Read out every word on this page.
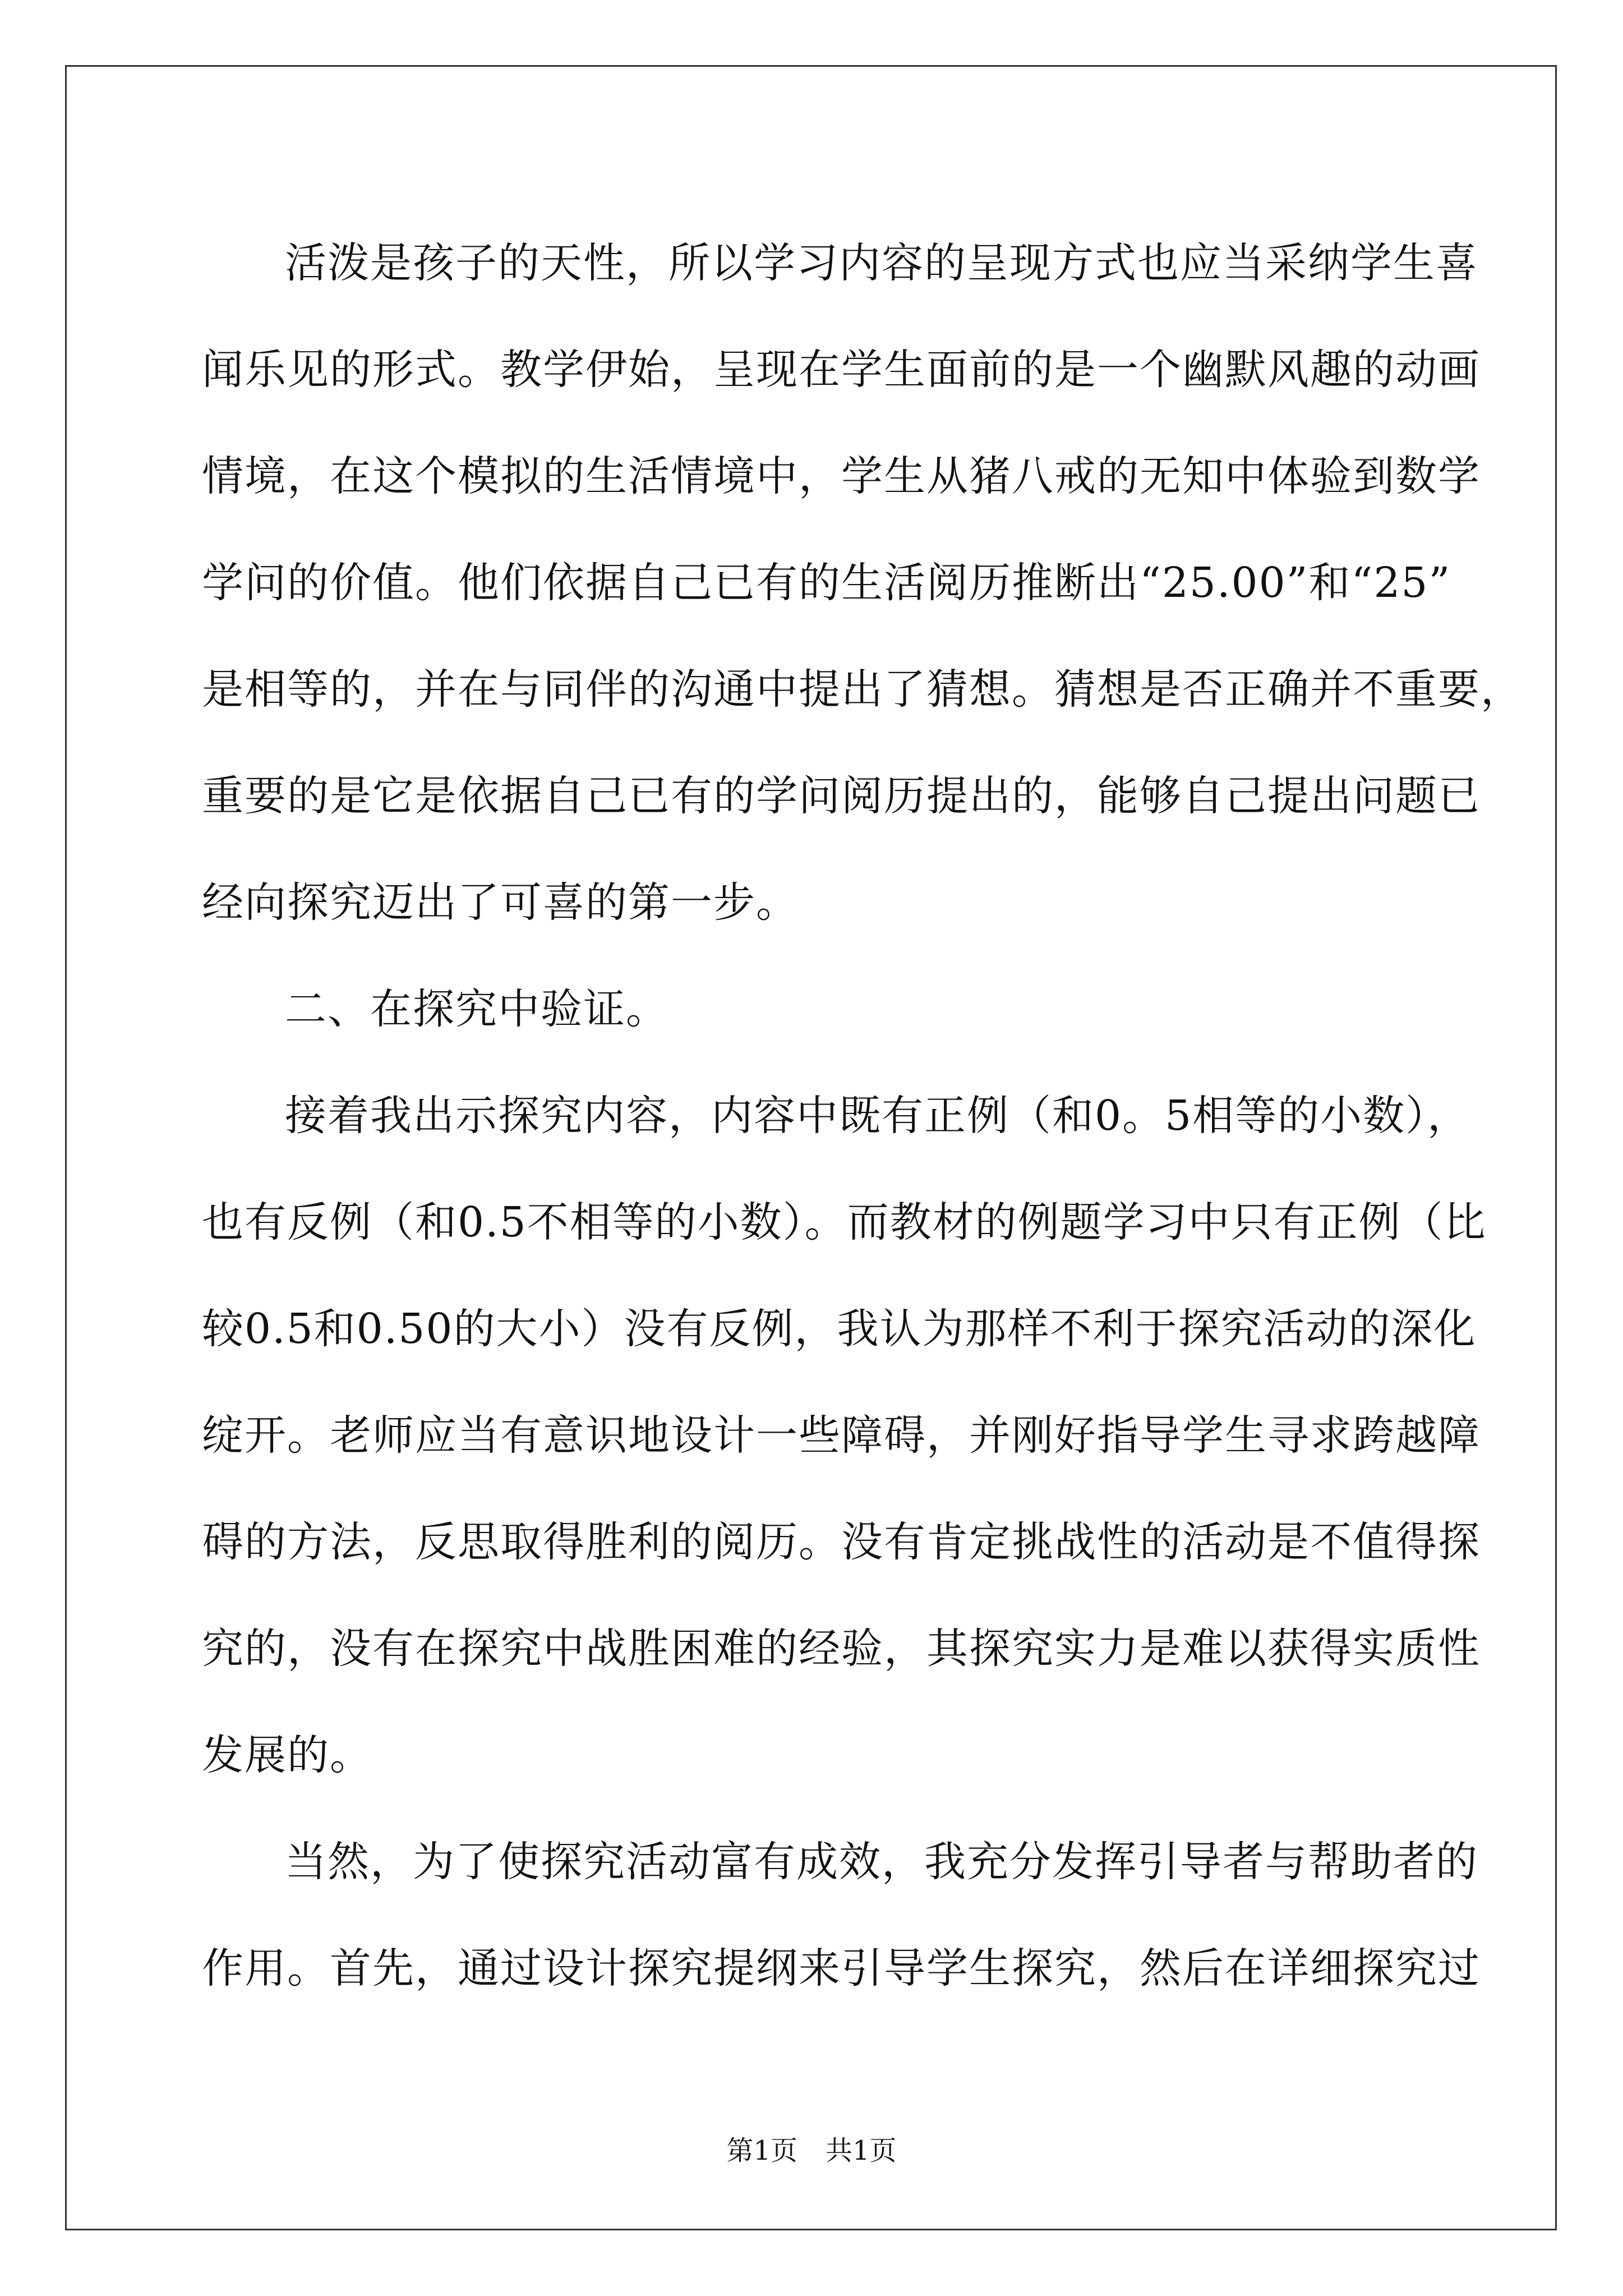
活泼是孩子的天性，所以学习内容的呈现方式也应当采纳学生喜
闻乐见的形式。教学伊始，呈现在学生面前的是一个幽默风趣的动画
情境，在这个模拟的生活情境中，学生从猪八戒的无知中体验到数学
学问的价值。他们依据自己已有的生活阅历推断出“25.00”和“25”
是相等的，并在与同伴的沟通中提出了猜想。猜想是否正确并不重要，
重要的是它是依据自己已有的学问阅历提出的，能够自己提出问题已
经向探究迈出了可喜的第一步。
二、在探究中验证。
接着我出示探究内容，内容中既有正例（和0。5相等的小数），
也有反例（和0.5不相等的小数）。而教材的例题学习中只有正例（比
较0.5和0.50的大小）没有反例，我认为那样不利于探究活动的深化
绽开。老师应当有意识地设计一些障碍，并刚好指导学生寻求跨越障
碍的方法，反思取得胜利的阅历。没有肯定挑战性的活动是不值得探
究的，没有在探究中战胜困难的经验，其探究实力是难以获得实质性
发展的。
当然，为了使探究活动富有成效，我充分发挥引导者与帮助者的
作用。首先，通过设计探究提纲来引导学生探究，然后在详细探究过
第1页 共1页
